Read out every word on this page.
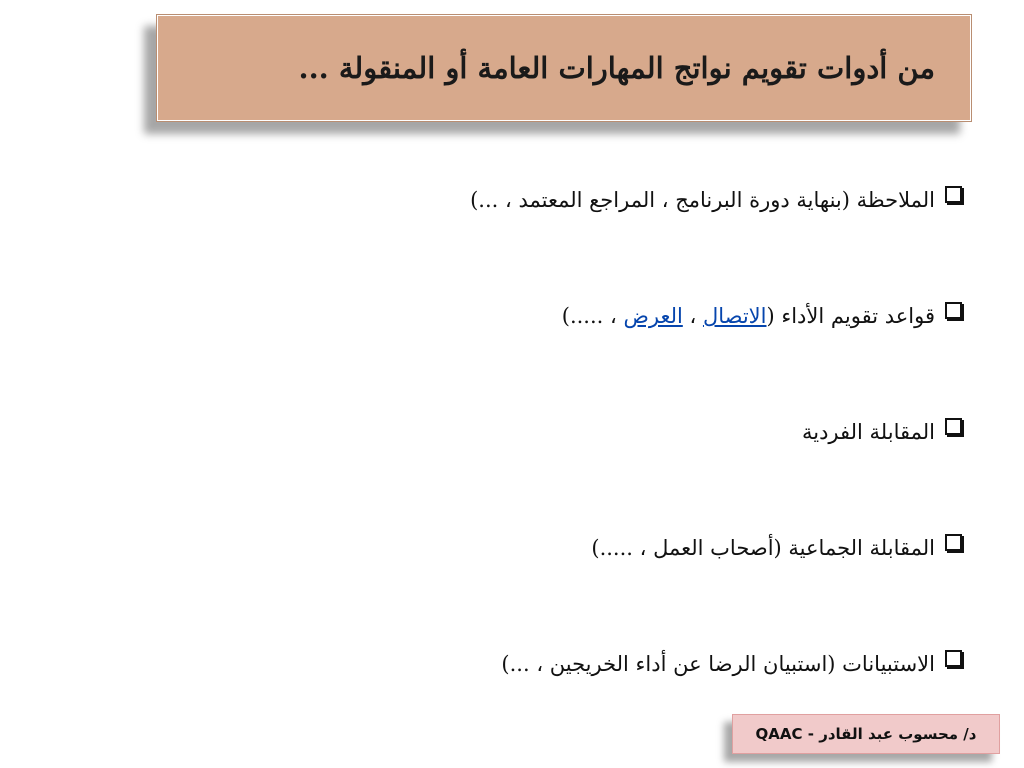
من أدوات تقويم نواتج المهارات العامة أو المنقولة ...
الملاحظة (بنهاية دورة البرنامج ، المراجع المعتمد ، ...)
قواعد تقويم الأداء (الاتصال ، العرض ، .....)
المقابلة الفردية
المقابلة الجماعية (أصحاب العمل ، .....)
الاستبيانات (استبيان الرضا عن أداء الخريجين ، ...)
د/ محسوب عبد القادر - QAAC
